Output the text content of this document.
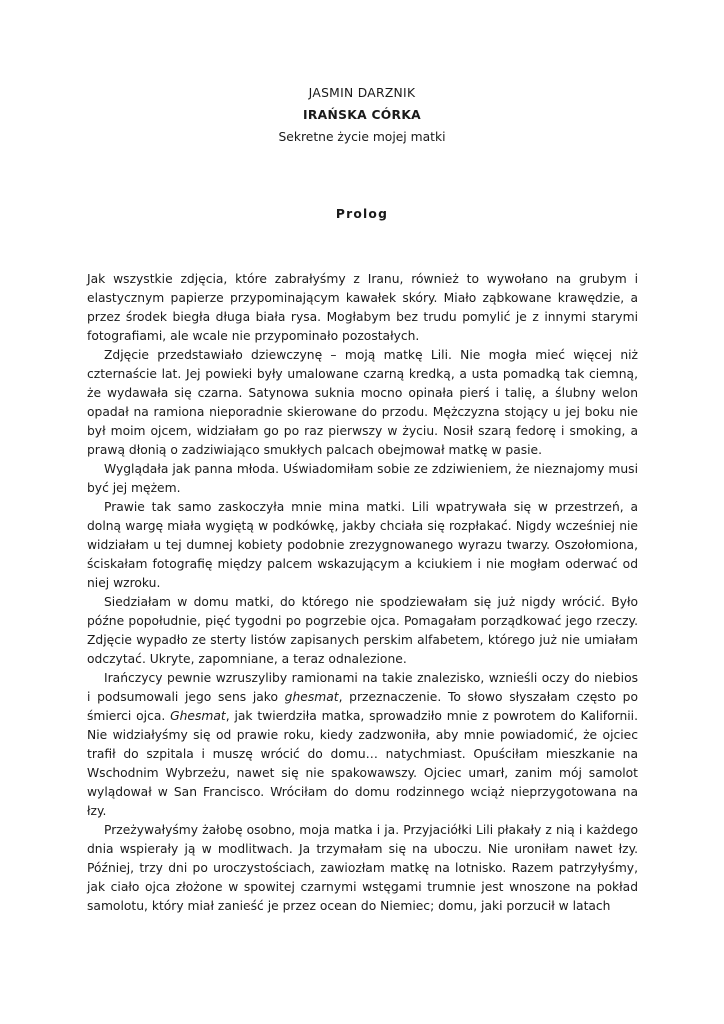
JASMIN DARZNIK
IRAŃSKA CÓRKA
Sekretne życie mojej matki
Prolog

Jak wszystkie zdjęcia, które zabrałyśmy z Iranu, również to wywołano na grubym i elastycznym papierze przypominającym kawałek skóry. Miało ząbkowane krawędzie, a przez środek biegła długa biała rysa. Mogłabym bez trudu pomylić je z innymi starymi fotografiami, ale wcale nie przypominało pozostałych.

Zdjęcie przedstawiało dziewczynę – moją matkę Lili. Nie mogła mieć więcej niż czternaście lat. Jej powieki były umalowane czarną kredką, a usta pomadką tak ciemną, że wydawała się czarna. Satynowa suknia mocno opinała pierś i talię, a ślubny welon opadał na ramiona nieporadnie skierowane do przodu. Mężczyzna stojący u jej boku nie był moim ojcem, widziałam go po raz pierwszy w życiu. Nosił szarą fedorę i smoking, a prawą dłonią o zadziwiająco smukłych palcach obejmował matkę w pasie.

Wyglądała jak panna młoda. Uświadomiłam sobie ze zdziwieniem, że nieznajomy musi być jej mężem.

Prawie tak samo zaskoczyła mnie mina matki. Lili wpatrywała się w przestrzeń, a dolną wargę miała wygiętą w podkówkę, jakby chciała się rozpłakać. Nigdy wcześniej nie widziałam u tej dumnej kobiety podobnie zrezygnowanego wyrazu twarzy. Oszołomiona, ściskałam fotografię między palcem wskazującym a kciukiem i nie mogłam oderwać od niej wzroku.

Siedziałam w domu matki, do którego nie spodziewałam się już nigdy wrócić. Było późne popołudnie, pięć tygodni po pogrzebie ojca. Pomagałam porządkować jego rzeczy. Zdjęcie wypadło ze sterty listów zapisanych perskim alfabetem, którego już nie umiałam odczytać. Ukryte, zapomniane, a teraz odnalezione.

Irańczycy pewnie wzruszyliby ramionami na takie znalezisko, wznieśli oczy do niebios i podsumowali jego sens jako ghesmat, przeznaczenie. To słowo słyszałam często po śmierci ojca. Ghesmat, jak twierdziła matka, sprowadziło mnie z powrotem do Kalifornii. Nie widziałyśmy się od prawie roku, kiedy zadzwoniła, aby mnie powiadomić, że ojciec trafił do szpitala i muszę wrócić do domu… natychmiast. Opuściłam mieszkanie na Wschodnim Wybrzeżu, nawet się nie spakowawszy. Ojciec umarł, zanim mój samolot wylądował w San Francisco. Wróciłam do domu rodzinnego wciąż nieprzygotowana na łzy.

Przeżywałyśmy żałobę osobno, moja matka i ja. Przyjaciółki Lili płakały z nią i każdego dnia wspierały ją w modlitwach. Ja trzymałam się na uboczu. Nie uroniłam nawet łzy. Później, trzy dni po uroczystościach, zawiozłam matkę na lotnisko. Razem patrzyłyśmy, jak ciało ojca złożone w spowitej czarnymi wstęgami trumnie jest wnoszone na pokład samolotu, który miał zanieść je przez ocean do Niemiec; domu, jaki porzucił w latach
